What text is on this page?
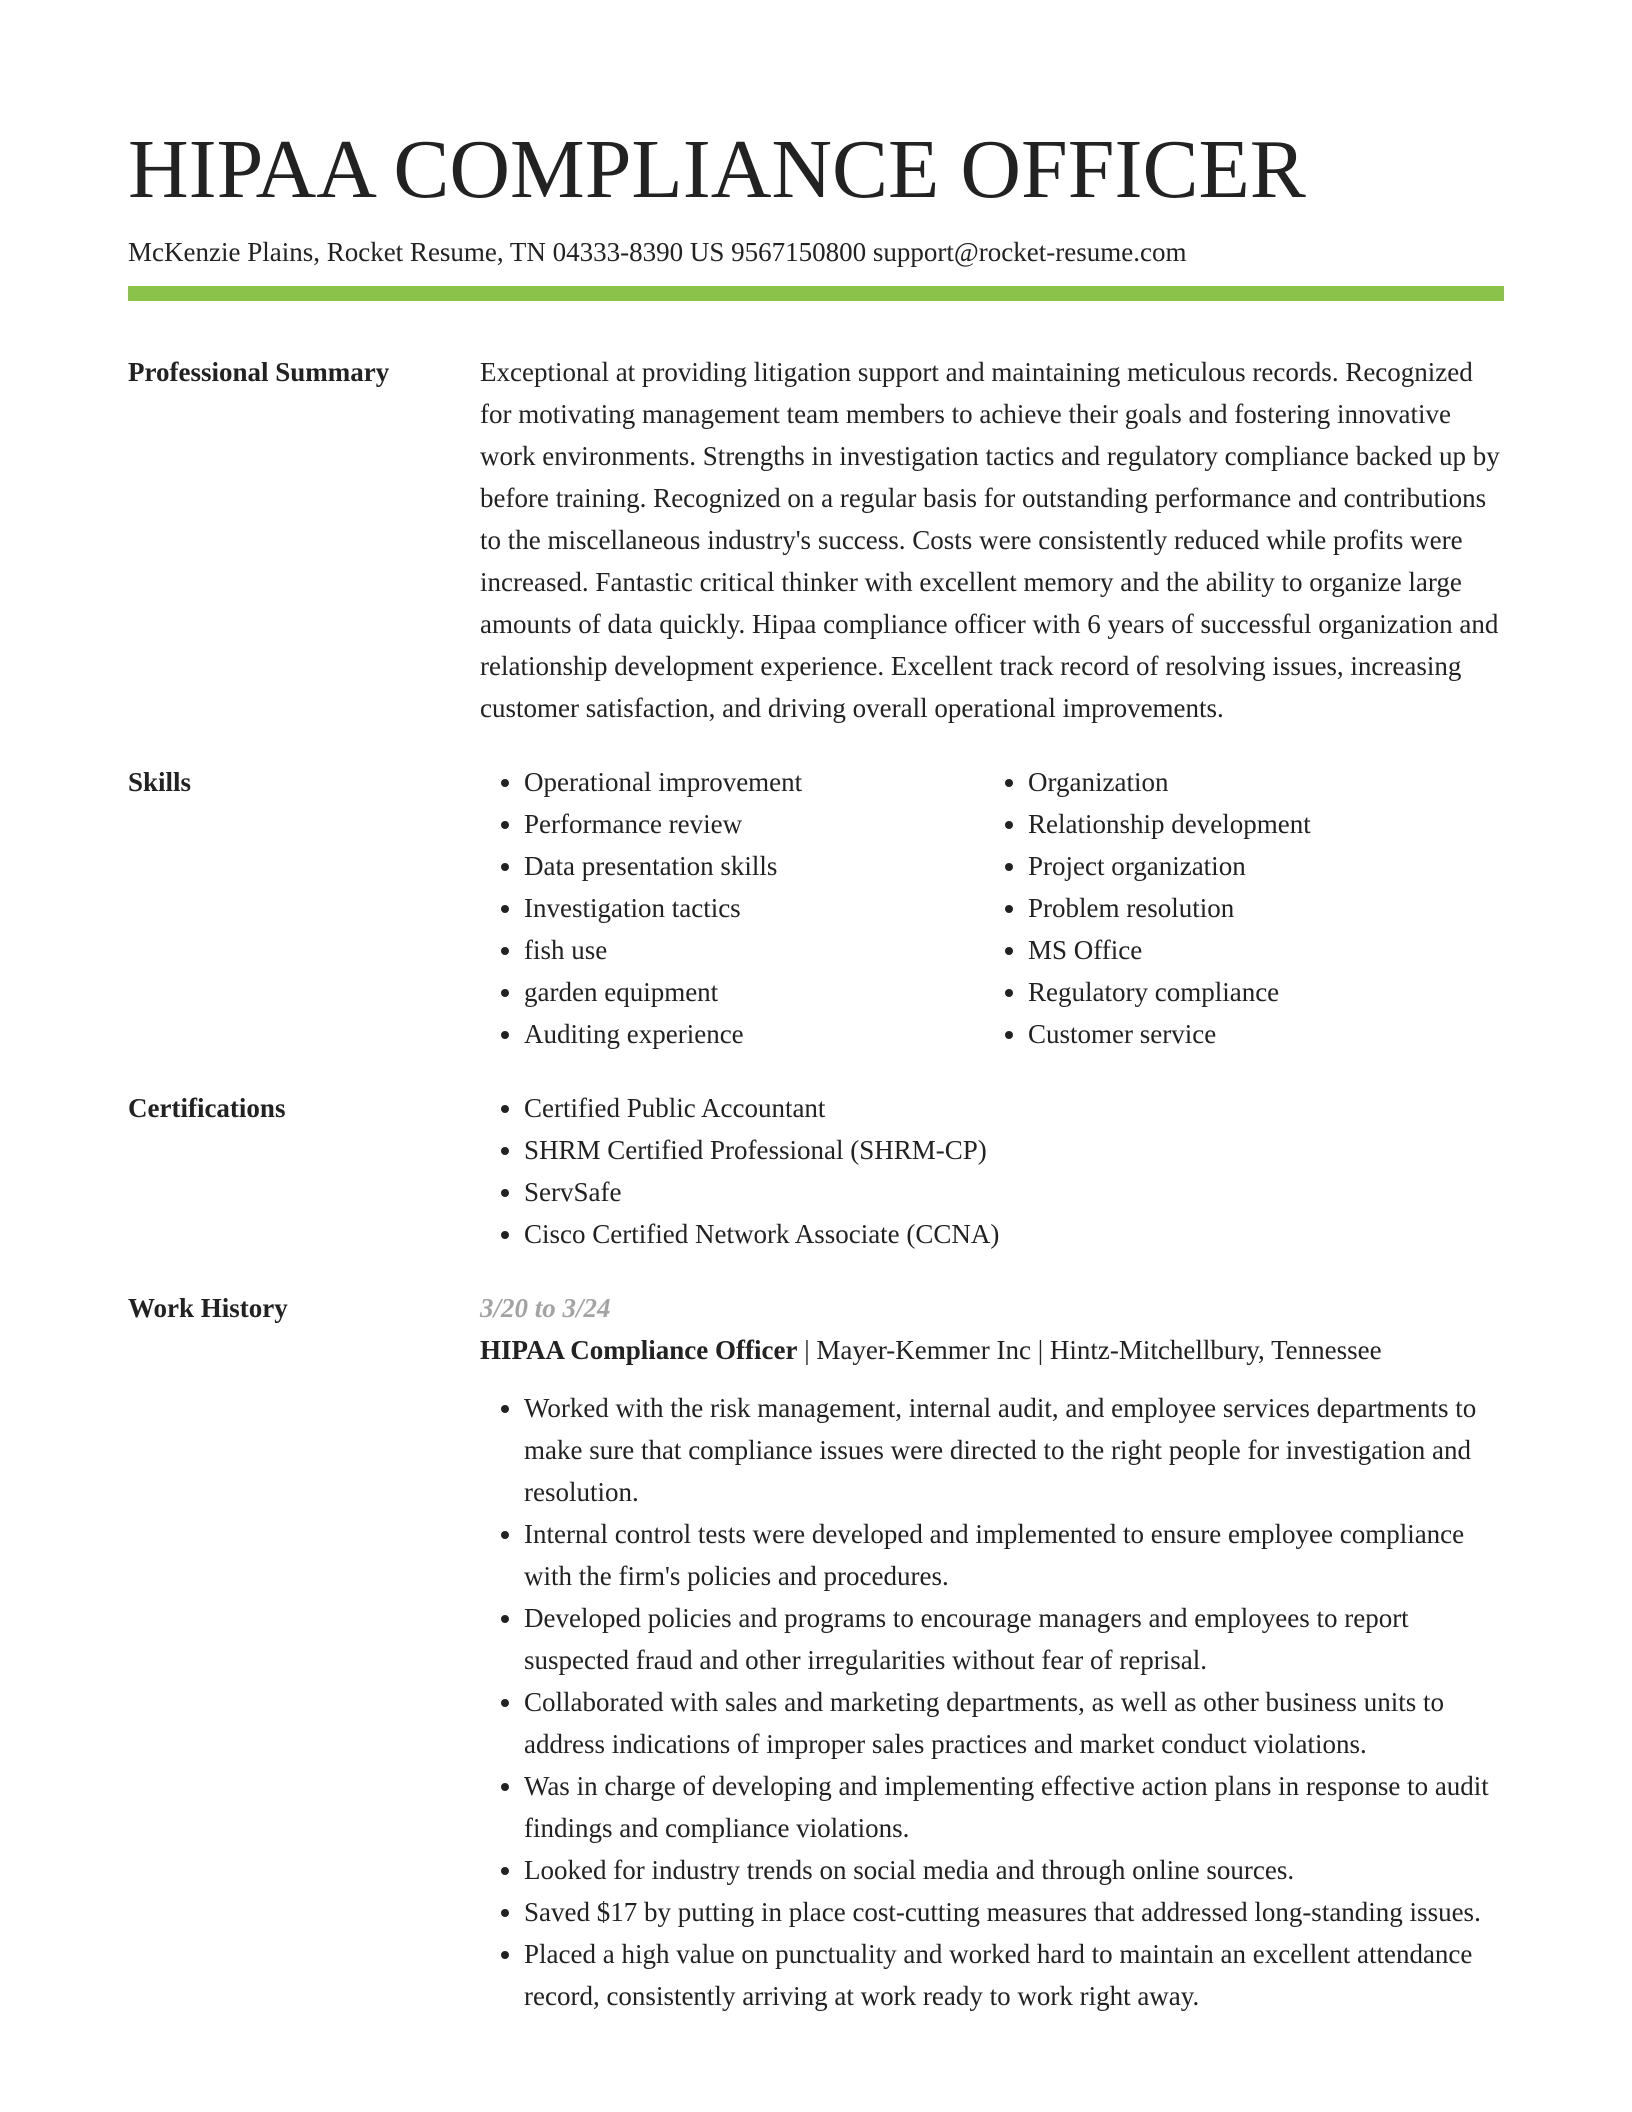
HIPAA COMPLIANCE OFFICER
McKenzie Plains, Rocket Resume, TN 04333-8390 US 9567150800 support@rocket-resume.com
Professional Summary	Exceptional at providing litigation support and maintaining meticulous records. Recognized for motivating management team members to achieve their goals and fostering innovative work environments. Strengths in investigation tactics and regulatory compliance backed up by before training. Recognized on a regular basis for outstanding performance and contributions to the miscellaneous industry's success. Costs were consistently reduced while profits were increased. Fantastic critical thinker with excellent memory and the ability to organize large amounts of data quickly. Hipaa compliance officer with 6 years of successful organization and relationship development experience. Excellent track record of resolving issues, increasing customer satisfaction, and driving overall operational improvements.

Skills	• Operational improvement
• Performance review
• Data presentation skills
• Investigation tactics
• fish use
• garden equipment
• Auditing experience
• Organization
• Relationship development
• Project organization
• Problem resolution
• MS Office
• Regulatory compliance
• Customer service
Certifications	• Certified Public Accountant
• SHRM Certified Professional (SHRM-CP)
• ServSafe
• Cisco Certified Network Associate (CCNA)
Work History	3/20 to 3/24
HIPAA Compliance Officer | Mayer-Kemmer Inc | Hintz-Mitchellbury, Tennessee
• Worked with the risk management, internal audit, and employee services departments to make sure that compliance issues were directed to the right people for investigation and resolution.
• Internal control tests were developed and implemented to ensure employee compliance with the firm's policies and procedures.
• Developed policies and programs to encourage managers and employees to report suspected fraud and other irregularities without fear of reprisal.
• Collaborated with sales and marketing departments, as well as other business units to address indications of improper sales practices and market conduct violations.
• Was in charge of developing and implementing effective action plans in response to audit findings and compliance violations.
• Looked for industry trends on social media and through online sources.
• Saved $17 by putting in place cost-cutting measures that addressed long-standing issues.
• Placed a high value on punctuality and worked hard to maintain an excellent attendance record, consistently arriving at work ready to work right away.
